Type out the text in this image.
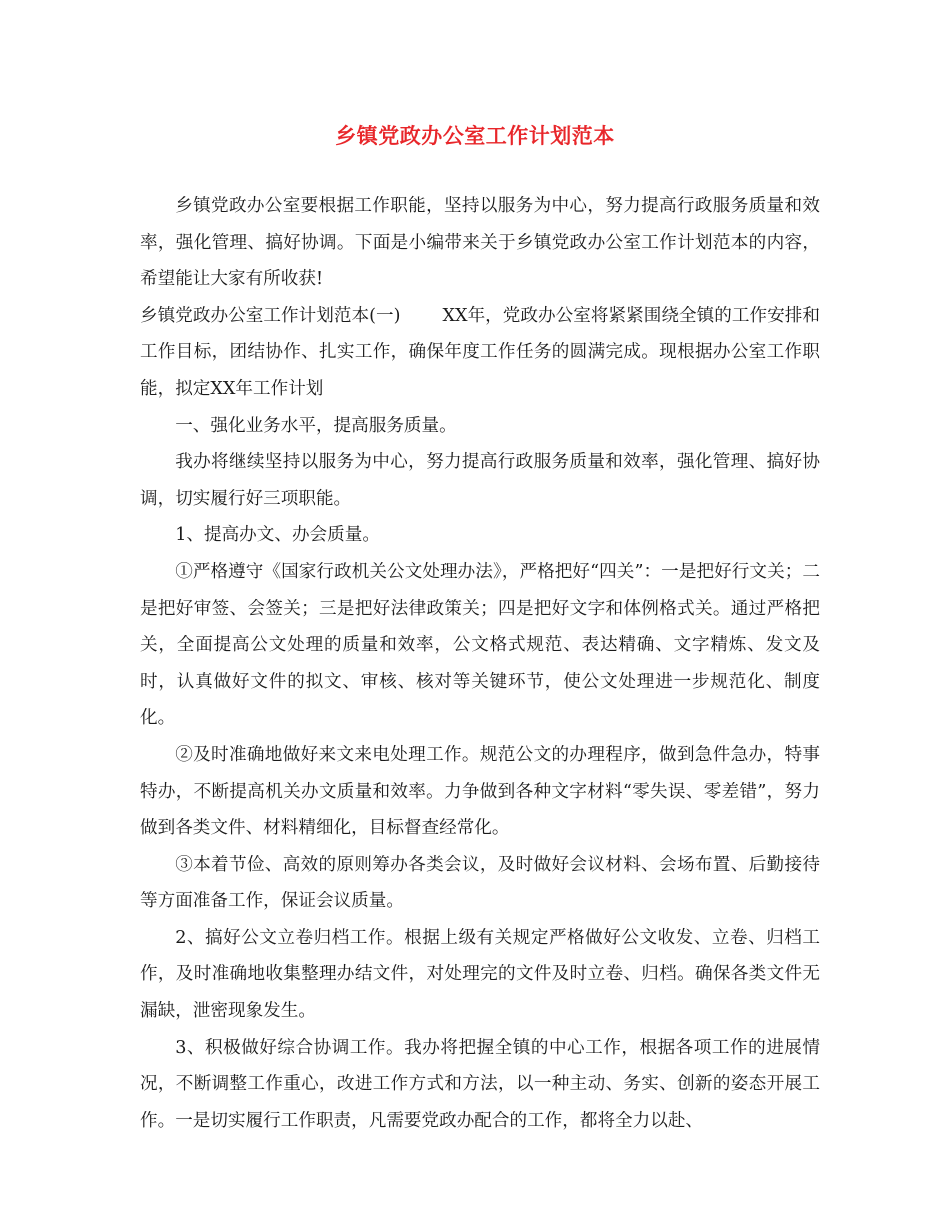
乡镇党政办公室工作计划范本

乡镇党政办公室要根据工作职能，坚持以服务为中心，努力提高行政服务质量和效率，强化管理、搞好协调。下面是小编带来关于乡镇党政办公室工作计划范本的内容，希望能让大家有所收获!

乡镇党政办公室工作计划范本(一) XX年，党政办公室将紧紧围绕全镇的工作安排和工作目标，团结协作、扎实工作，确保年度工作任务的圆满完成。现根据办公室工作职能，拟定XX年工作计划

一、强化业务水平，提高服务质量。

我办将继续坚持以服务为中心，努力提高行政服务质量和效率，强化管理、搞好协调，切实履行好三项职能。

1、提高办文、办会质量。

①严格遵守《国家行政机关公文处理办法》，严格把好“四关”：一是把好行文关；二是把好审签、会签关；三是把好法律政策关；四是把好文字和体例格式关。通过严格把关，全面提高公文处理的质量和效率，公文格式规范、表达精确、文字精炼、发文及时，认真做好文件的拟文、审核、核对等关键环节，使公文处理进一步规范化、制度化。

②及时准确地做好来文来电处理工作。规范公文的办理程序，做到急件急办，特事特办，不断提高机关办文质量和效率。力争做到各种文字材料“零失误、零差错”，努力做到各类文件、材料精细化，目标督查经常化。

③本着节俭、高效的原则筹办各类会议，及时做好会议材料、会场布置、后勤接待等方面准备工作，保证会议质量。

2、搞好公文立卷归档工作。根据上级有关规定严格做好公文收发、立卷、归档工作，及时准确地收集整理办结文件，对处理完的文件及时立卷、归档。确保各类文件无漏缺，泄密现象发生。

3、积极做好综合协调工作。我办将把握全镇的中心工作，根据各项工作的进展情况，不断调整工作重心，改进工作方式和方法，以一种主动、务实、创新的姿态开展工作。一是切实履行工作职责，凡需要党政办配合的工作，都将全力以赴、
